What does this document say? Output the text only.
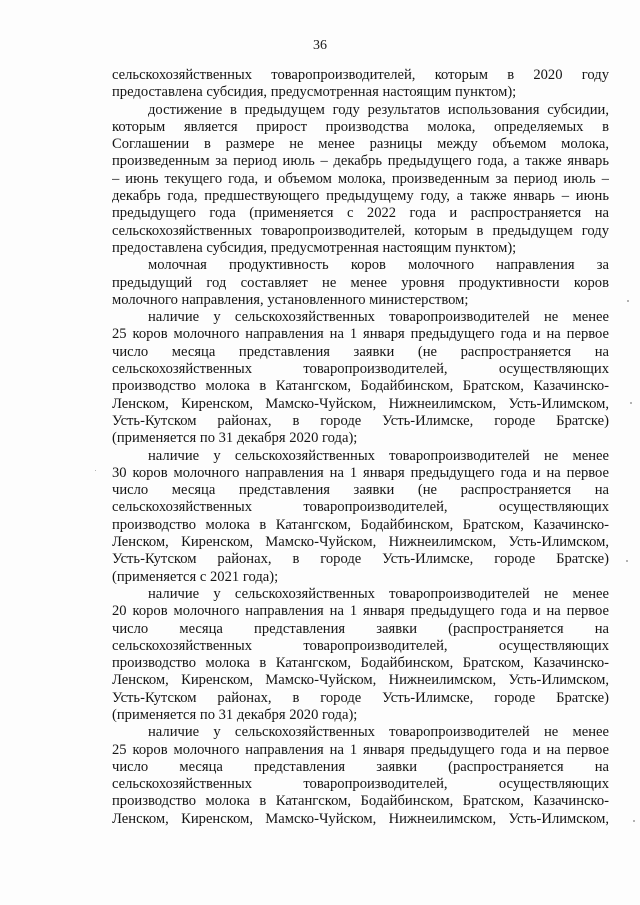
36
сельскохозяйственных товаропроизводителей, которым в 2020 году
предоставлена субсидия, предусмотренная настоящим пунктом);
достижение в предыдущем году результатов использования субсидии,
которым является прирост производства молока, определяемых в
Соглашении в размере не менее разницы между объемом молока,
произведенным за период июль – декабрь предыдущего года, а также январь
– июнь текущего года, и объемом молока, произведенным за период июль –
декабрь года, предшествующего предыдущему году, а также январь – июнь
предыдущего года (применяется с 2022 года и распространяется на
сельскохозяйственных товаропроизводителей, которым в предыдущем году
предоставлена субсидия, предусмотренная настоящим пунктом);
молочная продуктивность коров молочного направления за
предыдущий год составляет не менее уровня продуктивности коров
молочного направления, установленного министерством;
наличие у сельскохозяйственных товаропроизводителей не менее
25 коров молочного направления на 1 января предыдущего года и на первое
число месяца представления заявки (не распространяется на
сельскохозяйственных товаропроизводителей, осуществляющих
производство молока в Катангском, Бодайбинском, Братском, Казачинско-
Ленском, Киренском, Мамско-Чуйском, Нижнеилимском, Усть-Илимском,
Усть-Кутском районах, в городе Усть-Илимске, городе Братске)
(применяется по 31 декабря 2020 года);
наличие у сельскохозяйственных товаропроизводителей не менее
30 коров молочного направления на 1 января предыдущего года и на первое
число месяца представления заявки (не распространяется на
сельскохозяйственных товаропроизводителей, осуществляющих
производство молока в Катангском, Бодайбинском, Братском, Казачинско-
Ленском, Киренском, Мамско-Чуйском, Нижнеилимском, Усть-Илимском,
Усть-Кутском районах, в городе Усть-Илимске, городе Братске)
(применяется с 2021 года);
наличие у сельскохозяйственных товаропроизводителей не менее
20 коров молочного направления на 1 января предыдущего года и на первое
число месяца представления заявки (распространяется на
сельскохозяйственных товаропроизводителей, осуществляющих
производство молока в Катангском, Бодайбинском, Братском, Казачинско-
Ленском, Киренском, Мамско-Чуйском, Нижнеилимском, Усть-Илимском,
Усть-Кутском районах, в городе Усть-Илимске, городе Братске)
(применяется по 31 декабря 2020 года);
наличие у сельскохозяйственных товаропроизводителей не менее
25 коров молочного направления на 1 января предыдущего года и на первое
число месяца представления заявки (распространяется на
сельскохозяйственных товаропроизводителей, осуществляющих
производство молока в Катангском, Бодайбинском, Братском, Казачинско-
Ленском, Киренском, Мамско-Чуйском, Нижнеилимском, Усть-Илимском,
